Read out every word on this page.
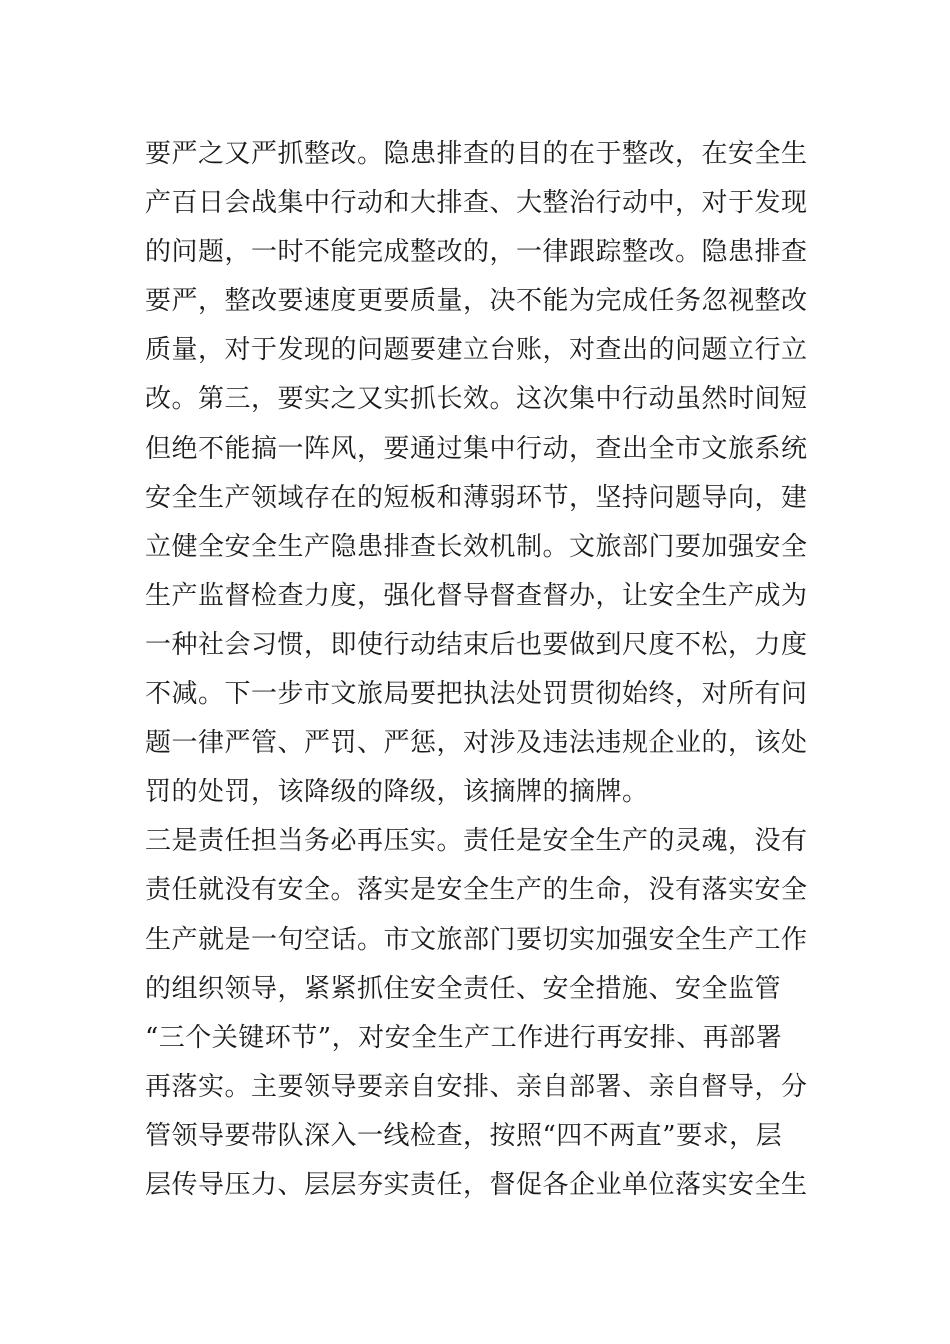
要严之又严抓整改。隐患排查的目的在于整改，在安全生
产百日会战集中行动和大排查、大整治行动中，对于发现
的问题，一时不能完成整改的，一律跟踪整改。隐患排查
要严，整改要速度更要质量，决不能为完成任务忽视整改
质量，对于发现的问题要建立台账，对查出的问题立行立
改。第三，要实之又实抓长效。这次集中行动虽然时间短
但绝不能搞一阵风，要通过集中行动，查出全市文旅系统
安全生产领域存在的短板和薄弱环节，坚持问题导向，建
立健全安全生产隐患排查长效机制。文旅部门要加强安全
生产监督检查力度，强化督导督查督办，让安全生产成为
一种社会习惯，即使行动结束后也要做到尺度不松，力度
不减。下一步市文旅局要把执法处罚贯彻始终，对所有问
题一律严管、严罚、严惩，对涉及违法违规企业的，该处
罚的处罚，该降级的降级，该摘牌的摘牌。
三是责任担当务必再压实。责任是安全生产的灵魂，没有
责任就没有安全。落实是安全生产的生命，没有落实安全
生产就是一句空话。市文旅部门要切实加强安全生产工作
的组织领导，紧紧抓住安全责任、安全措施、安全监管
“三个关键环节”，对安全生产工作进行再安排、再部署
再落实。主要领导要亲自安排、亲自部署、亲自督导，分
管领导要带队深入一线检查，按照“四不两直”要求，层
层传导压力、层层夯实责任，督促各企业单位落实安全生
